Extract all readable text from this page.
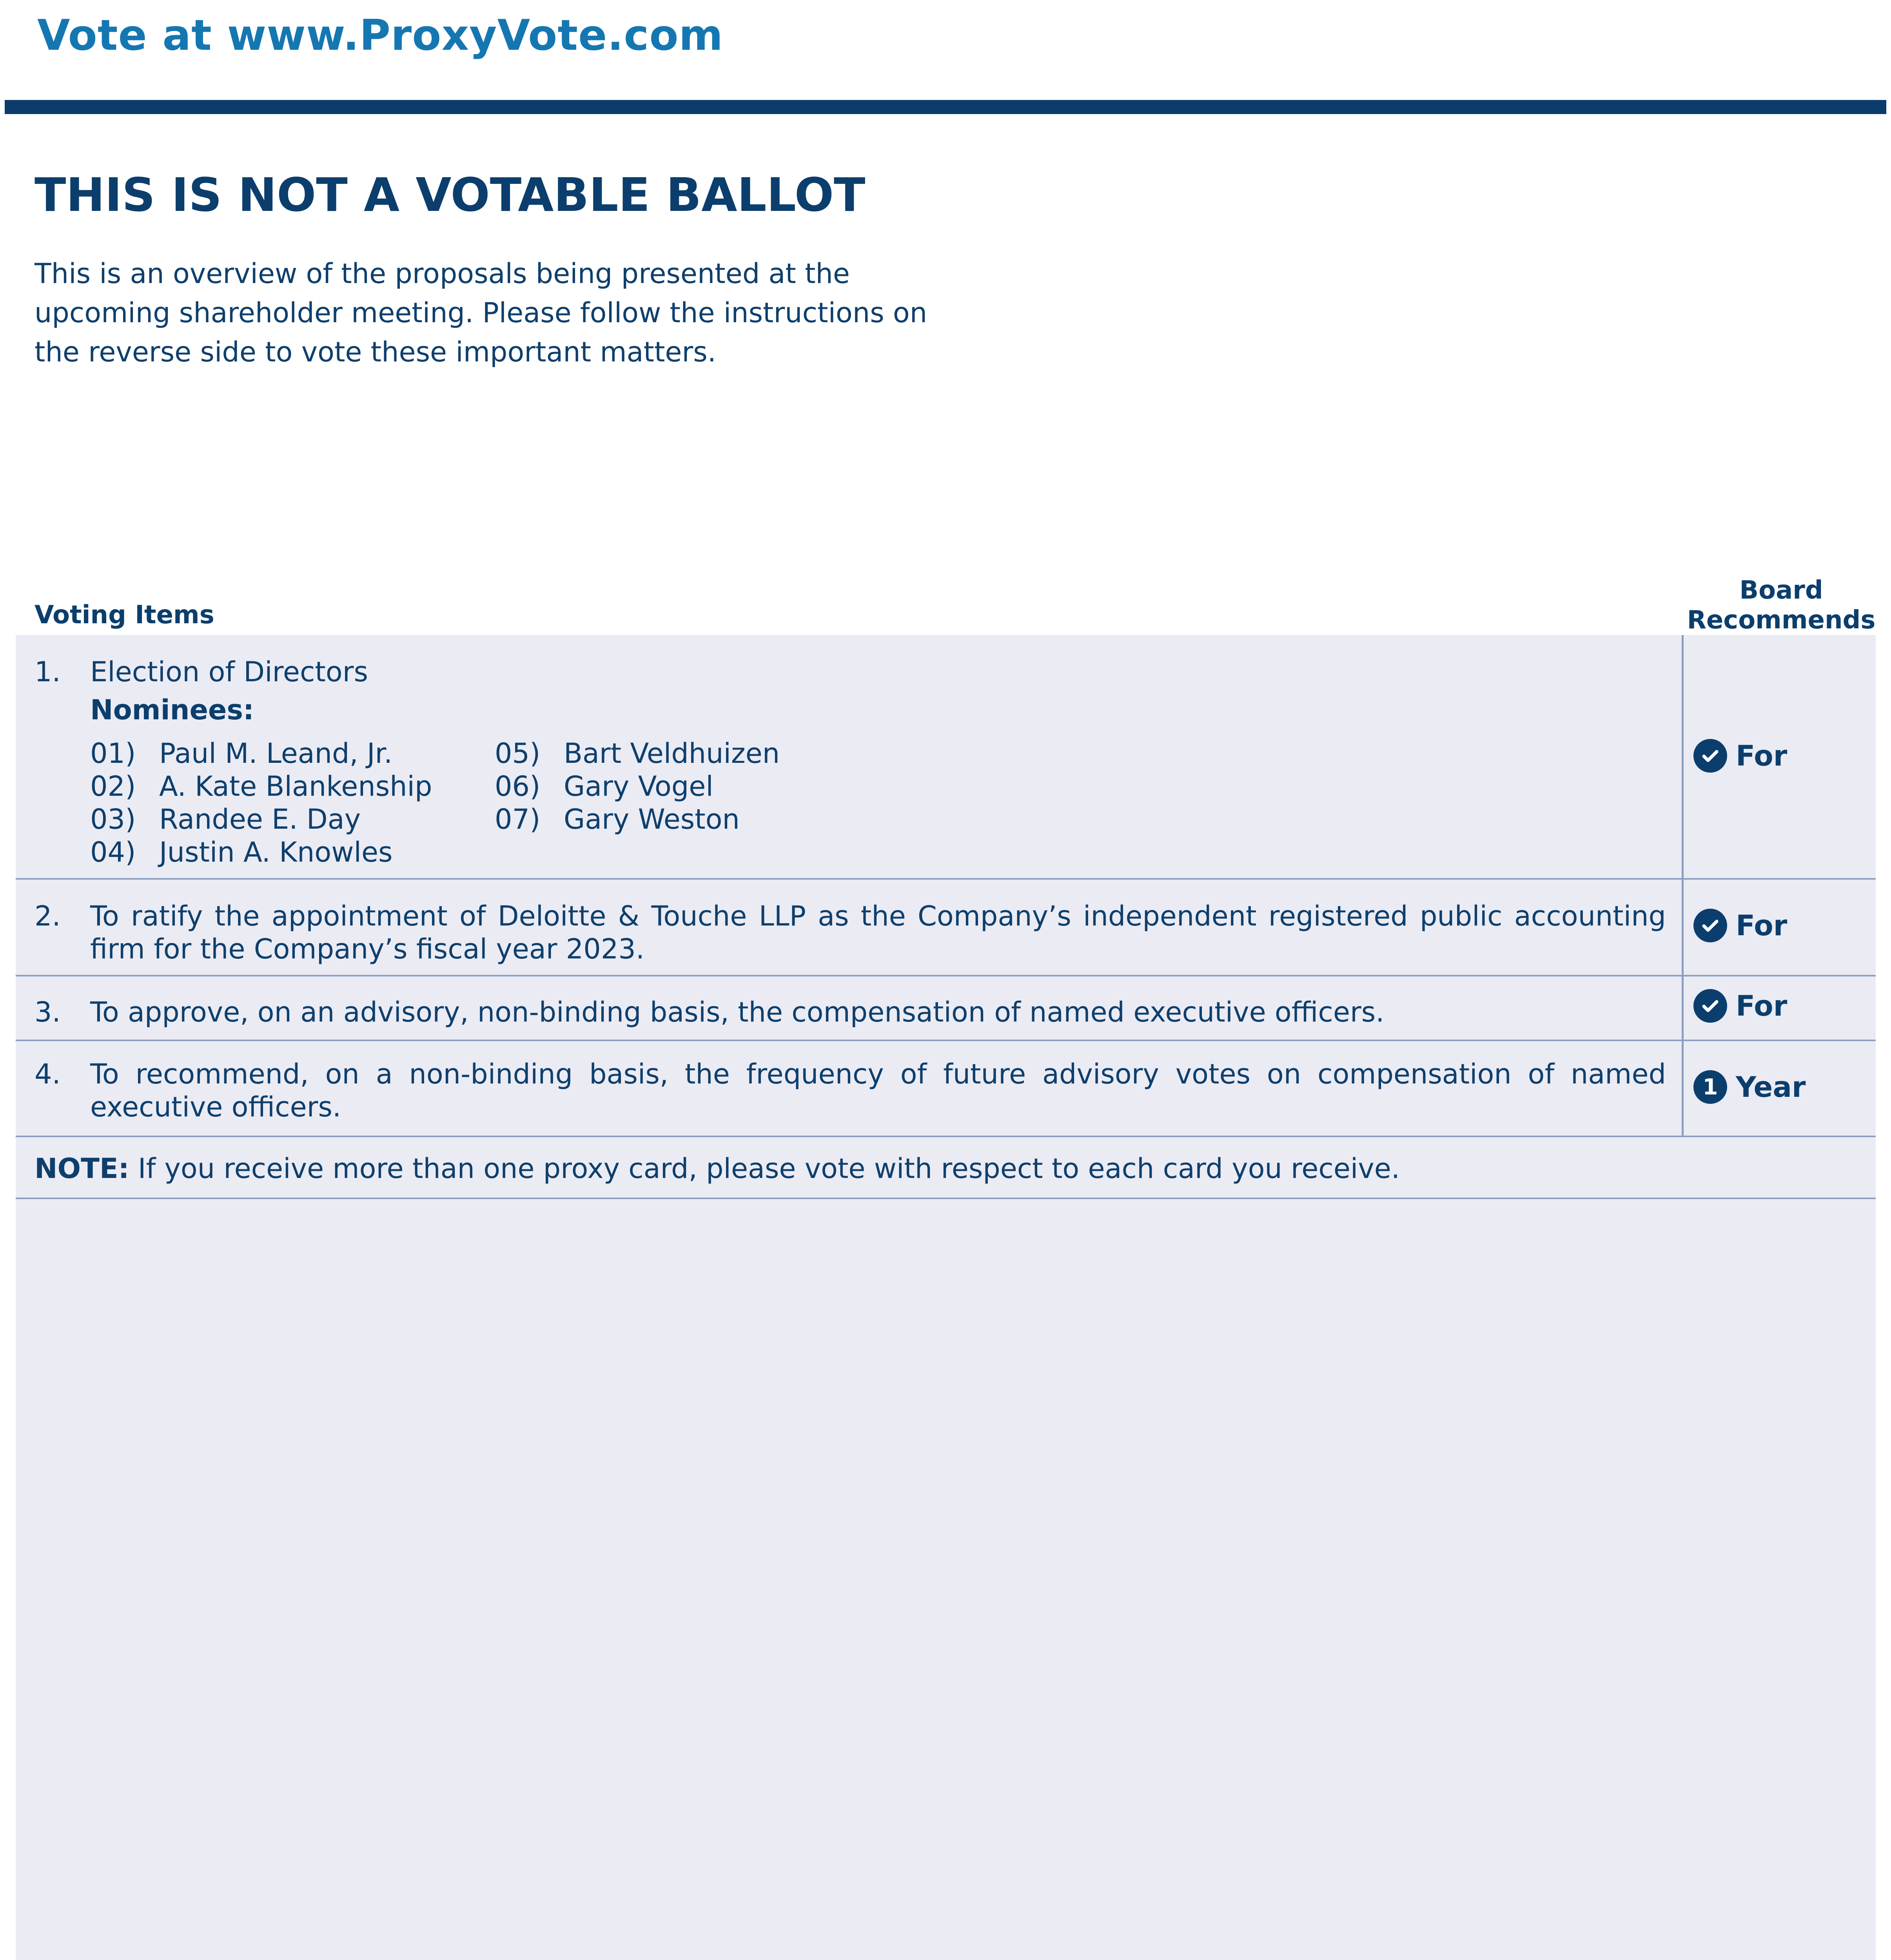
Vote at www.ProxyVote.com
THIS IS NOT A VOTABLE BALLOT
This is an overview of the proposals being presented at the upcoming shareholder meeting. Please follow the instructions on the reverse side to vote these important matters.
Voting Items
Board
Recommends
1. Election of Directors
Nominees:
01) Paul M. Leand, Jr.
02) A. Kate Blankenship
03) Randee E. Day
04) Justin A. Knowles
05) Bart Veldhuizen
06) Gary Vogel
07) Gary Weston
For
2. To ratify the appointment of Deloitte & Touche LLP as the Company’s independent registered public accounting firm for the Company’s fiscal year 2023.
For
3. To approve, on an advisory, non-binding basis, the compensation of named executive officers.	For
4. To recommend, on a non-binding basis, the frequency of future advisory votes on compensation of named executive officers.
1 Year
NOTE: If you receive more than one proxy card, please vote with respect to each card you receive.
